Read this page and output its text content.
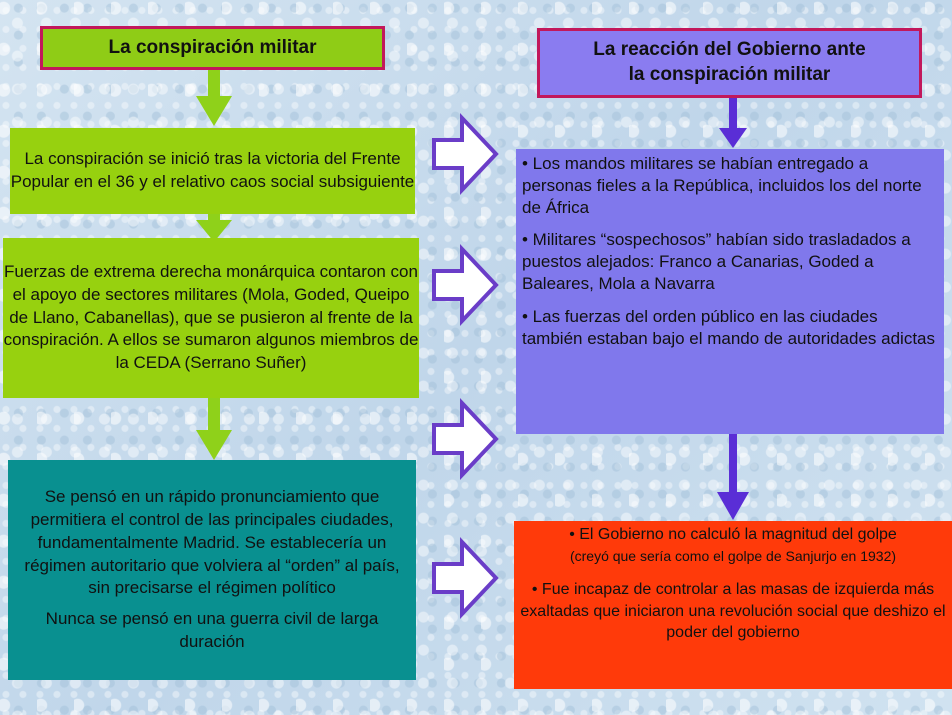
La conspiración militar	La reacción del Gobierno ante
la conspiración militar
La conspiración se inició tras la victoria del Frente Popular en el 36 y el relativo caos social subsiguiente
Fuerzas de extrema derecha monárquica contaron con el apoyo de sectores militares (Mola, Goded, Queipo de Llano, Cabanellas), que se pusieron al frente de la conspiración. A ellos se sumaron algunos miembros de la CEDA (Serrano Suñer)

Se pensó en un rápido pronunciamiento que permitiera el control de las principales ciudades, fundamentalmente Madrid. Se establecería un régimen autoritario que volviera al “orden” al país, sin precisarse el régimen político

Nunca se pensó en una guerra civil de larga duración

• Los mandos militares se habían entregado a personas fieles a la República, incluidos los del norte de África

• Militares “sospechosos” habían sido trasladados a puestos alejados: Franco a Canarias, Goded a Baleares, Mola a Navarra

• Las fuerzas del orden público en las ciudades también estaban bajo el mando de autoridades adictas

• El Gobierno no calculó la magnitud del golpe
(creyó que sería como el golpe de Sanjurjo en 1932)

• Fue incapaz de controlar a las masas de izquierda más exaltadas que iniciaron una revolución social que deshizo el poder del gobierno
